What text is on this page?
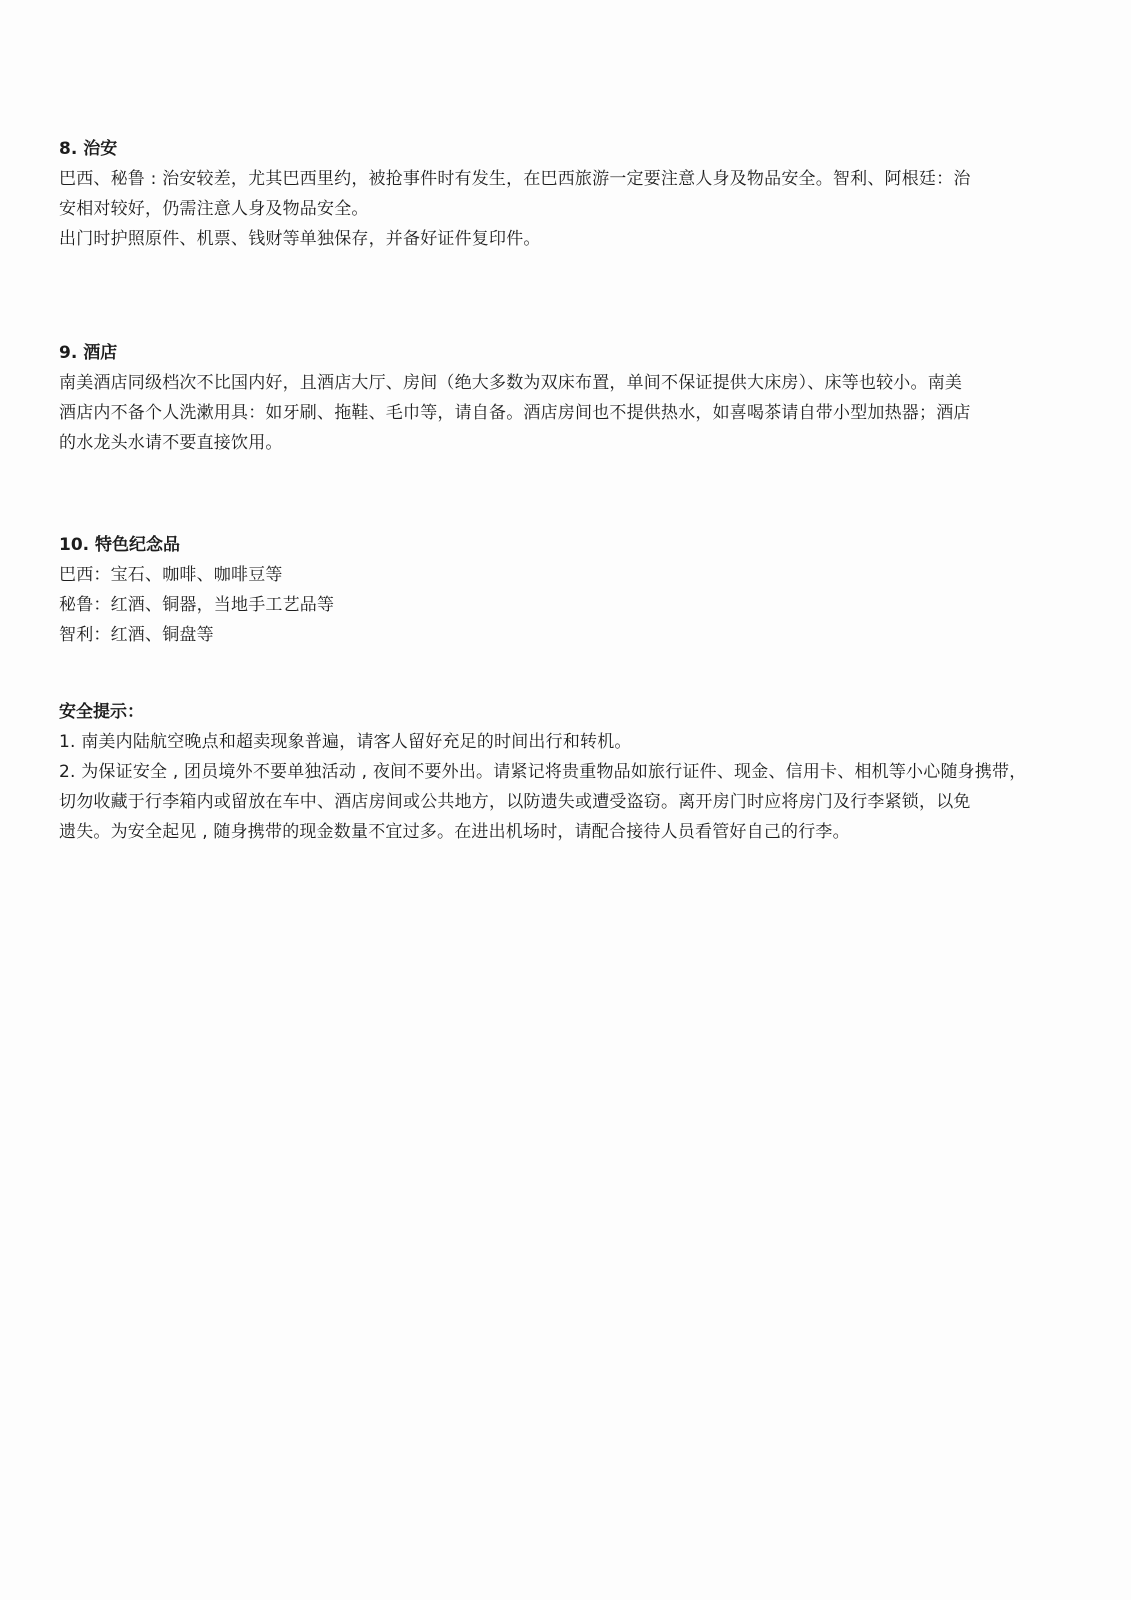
8. 治安

巴西、秘鲁 : 治安较差，尤其巴西里约，被抢事件时有发生，在巴西旅游一定要注意人身及物品安全。智利、阿根廷：治

安相对较好，仍需注意人身及物品安全。

出门时护照原件、机票、钱财等单独保存，并备好证件复印件。

9. 酒店

南美酒店同级档次不比国内好，且酒店大厅、房间（绝大多数为双床布置，单间不保证提供大床房）、床等也较小。南美

酒店内不备个人洗漱用具：如牙刷、拖鞋、毛巾等，请自备。酒店房间也不提供热水，如喜喝茶请自带小型加热器；酒店

的水龙头水请不要直接饮用。

10. 特色纪念品

巴西：宝石、咖啡、咖啡豆等

秘鲁：红酒、铜器，当地手工艺品等

智利：红酒、铜盘等

安全提示：

1. 南美内陆航空晚点和超卖现象普遍，请客人留好充足的时间出行和转机。

2. 为保证安全 , 团员境外不要单独活动 , 夜间不要外出。请紧记将贵重物品如旅行证件、现金、信用卡、相机等小心随身携带，

切勿收藏于行李箱内或留放在车中、酒店房间或公共地方，以防遗失或遭受盗窃。离开房门时应将房门及行李紧锁，以免

遗失。为安全起见 , 随身携带的现金数量不宜过多。在进出机场时，请配合接待人员看管好自己的行李。
